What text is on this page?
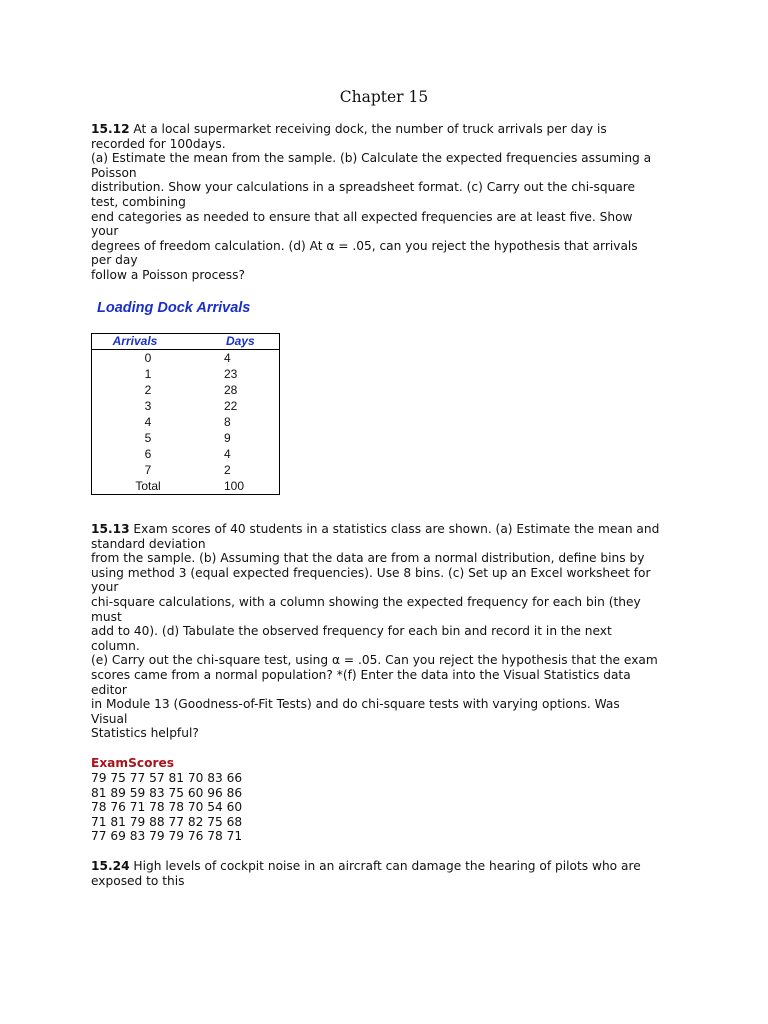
Chapter 15
15.12 At a local supermarket receiving dock, the number of truck arrivals per day is
recorded for 100days.
(a) Estimate the mean from the sample. (b) Calculate the expected frequencies assuming a
Poisson
distribution. Show your calculations in a spreadsheet format. (c) Carry out the chi-square
test, combining
end categories as needed to ensure that all expected frequencies are at least five. Show
your
degrees of freedom calculation. (d) At α = .05, can you reject the hypothesis that arrivals
per day
follow a Poisson process?
Loading Dock Arrivals
Arrivals	Days
0	4
1	23
2	28
3	22
4	8
5	9
6	4
7	2
Total	100
15.13 Exam scores of 40 students in a statistics class are shown. (a) Estimate the mean and
standard deviation
from the sample. (b) Assuming that the data are from a normal distribution, define bins by
using method 3 (equal expected frequencies). Use 8 bins. (c) Set up an Excel worksheet for
your
chi-square calculations, with a column showing the expected frequency for each bin (they
must
add to 40). (d) Tabulate the observed frequency for each bin and record it in the next
column.
(e) Carry out the chi-square test, using α = .05. Can you reject the hypothesis that the exam
scores came from a normal population? *(f) Enter the data into the Visual Statistics data
editor
in Module 13 (Goodness-of-Fit Tests) and do chi-square tests with varying options. Was
Visual
Statistics helpful?
ExamScores
79 75 77 57 81 70 83 66
81 89 59 83 75 60 96 86
78 76 71 78 78 70 54 60
71 81 79 88 77 82 75 68
77 69 83 79 79 76 78 71
15.24 High levels of cockpit noise in an aircraft can damage the hearing of pilots who are
exposed to this
